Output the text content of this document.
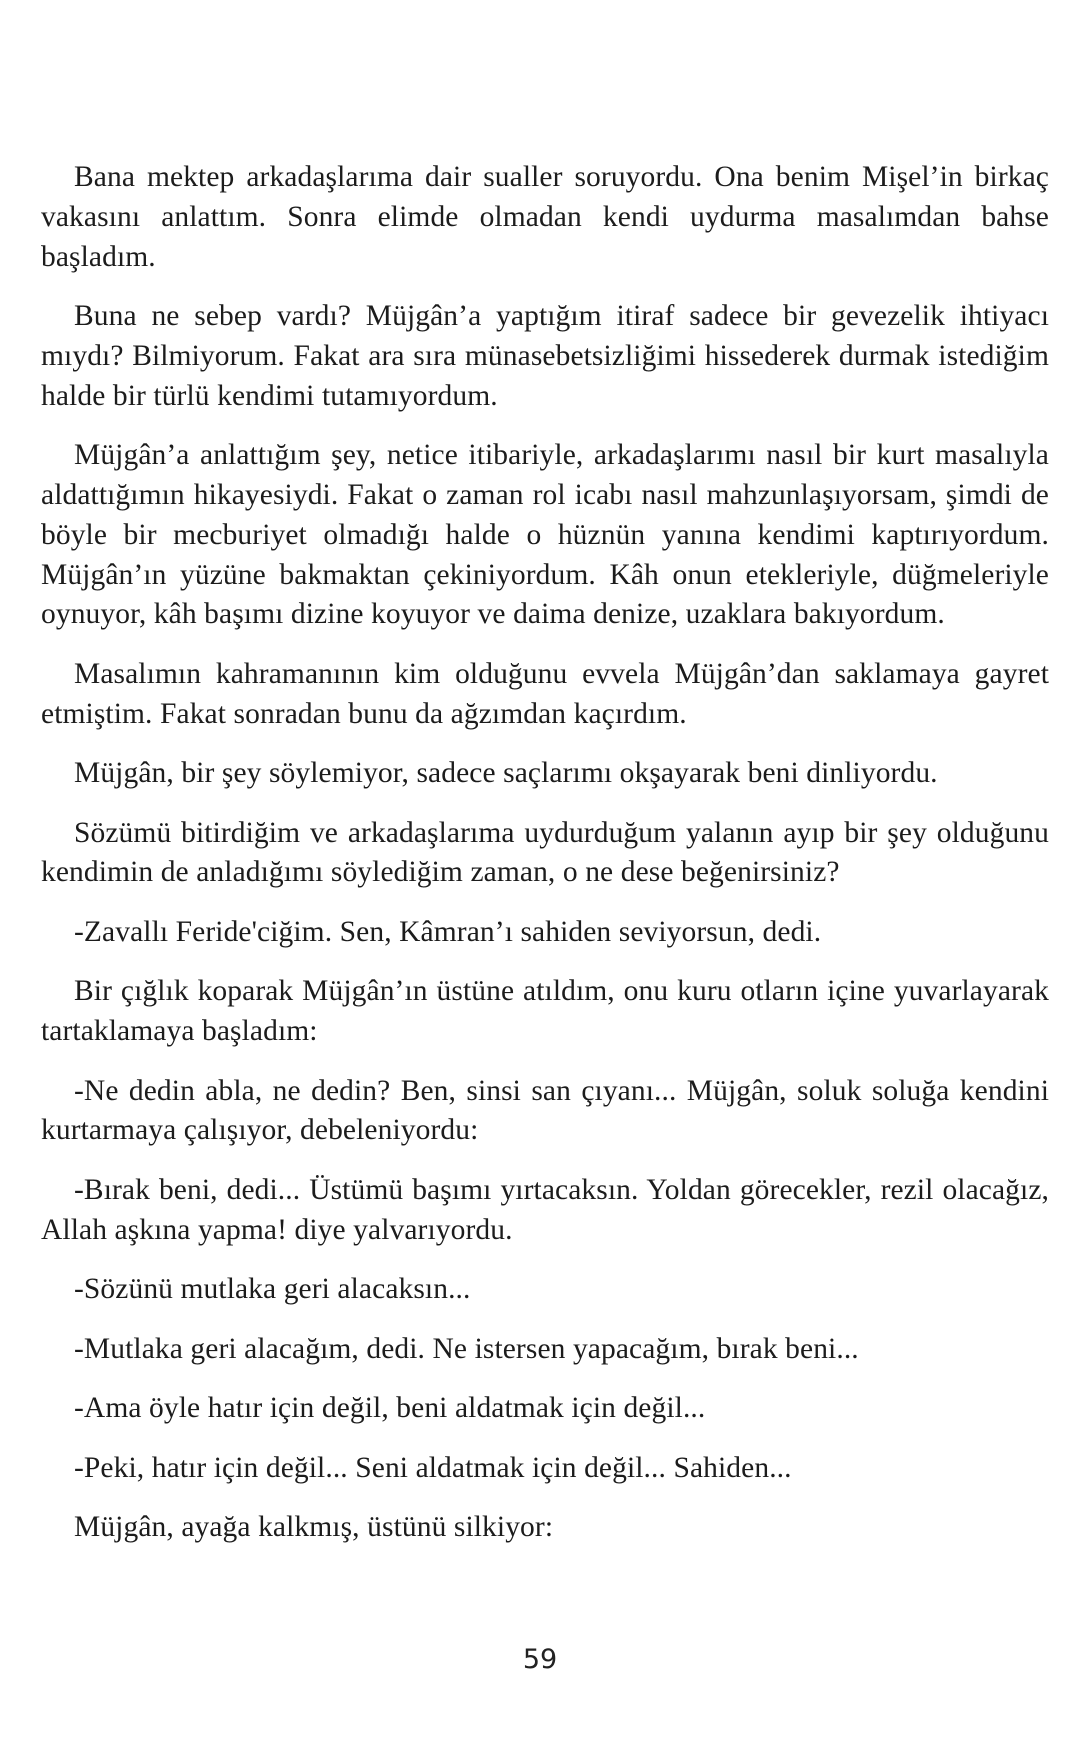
Bana mektep arkadaşlarıma dair sualler soruyordu. Ona benim Mişel’in birkaç vakasını anlattım. Sonra elimde olmadan kendi uydurma masalımdan bahse başladım.

Buna ne sebep vardı? Müjgân’a yaptığım itiraf sadece bir gevezelik ihtiyacı mıydı? Bilmiyorum. Fakat ara sıra münasebetsizliğimi hissederek durmak istediğim halde bir türlü kendimi tutamıyordum.

Müjgân’a anlattığım şey, netice itibariyle, arkadaşlarımı nasıl bir kurt masalıyla aldattığımın hikayesiydi. Fakat o zaman rol icabı nasıl mahzunlaşıyorsam, şimdi de böyle bir mecburiyet olmadığı halde o hüznün yanına kendimi kaptırıyordum. Müjgân’ın yüzüne bakmaktan çekiniyordum. Kâh onun etekleriyle, düğmeleriyle oynuyor, kâh başımı dizine koyuyor ve daima denize, uzaklara bakıyordum.

Masalımın kahramanının kim olduğunu evvela Müjgân’dan saklamaya gayret etmiştim. Fakat sonradan bunu da ağzımdan kaçırdım.

Müjgân, bir şey söylemiyor, sadece saçlarımı okşayarak beni dinliyordu.

Sözümü bitirdiğim ve arkadaşlarıma uydurduğum yalanın ayıp bir şey olduğunu kendimin de anladığımı söylediğim zaman, o ne dese beğenirsiniz?

-Zavallı Feride'ciğim. Sen, Kâmran’ı sahiden seviyorsun, dedi.

Bir çığlık koparak Müjgân’ın üstüne atıldım, onu kuru otların içine yuvarlayarak tartaklamaya başladım:

-Ne dedin abla, ne dedin? Ben, sinsi san çıyanı... Müjgân, soluk soluğa kendini kurtarmaya çalışıyor, debeleniyordu:

-Bırak beni, dedi... Üstümü başımı yırtacaksın. Yoldan görecekler, rezil olacağız, Allah aşkına yapma! diye yalvarıyordu.

-Sözünü mutlaka geri alacaksın...

-Mutlaka geri alacağım, dedi. Ne istersen yapacağım, bırak beni...

-Ama öyle hatır için değil, beni aldatmak için değil...

-Peki, hatır için değil... Seni aldatmak için değil... Sahiden...

Müjgân, ayağa kalkmış, üstünü silkiyor:

59
